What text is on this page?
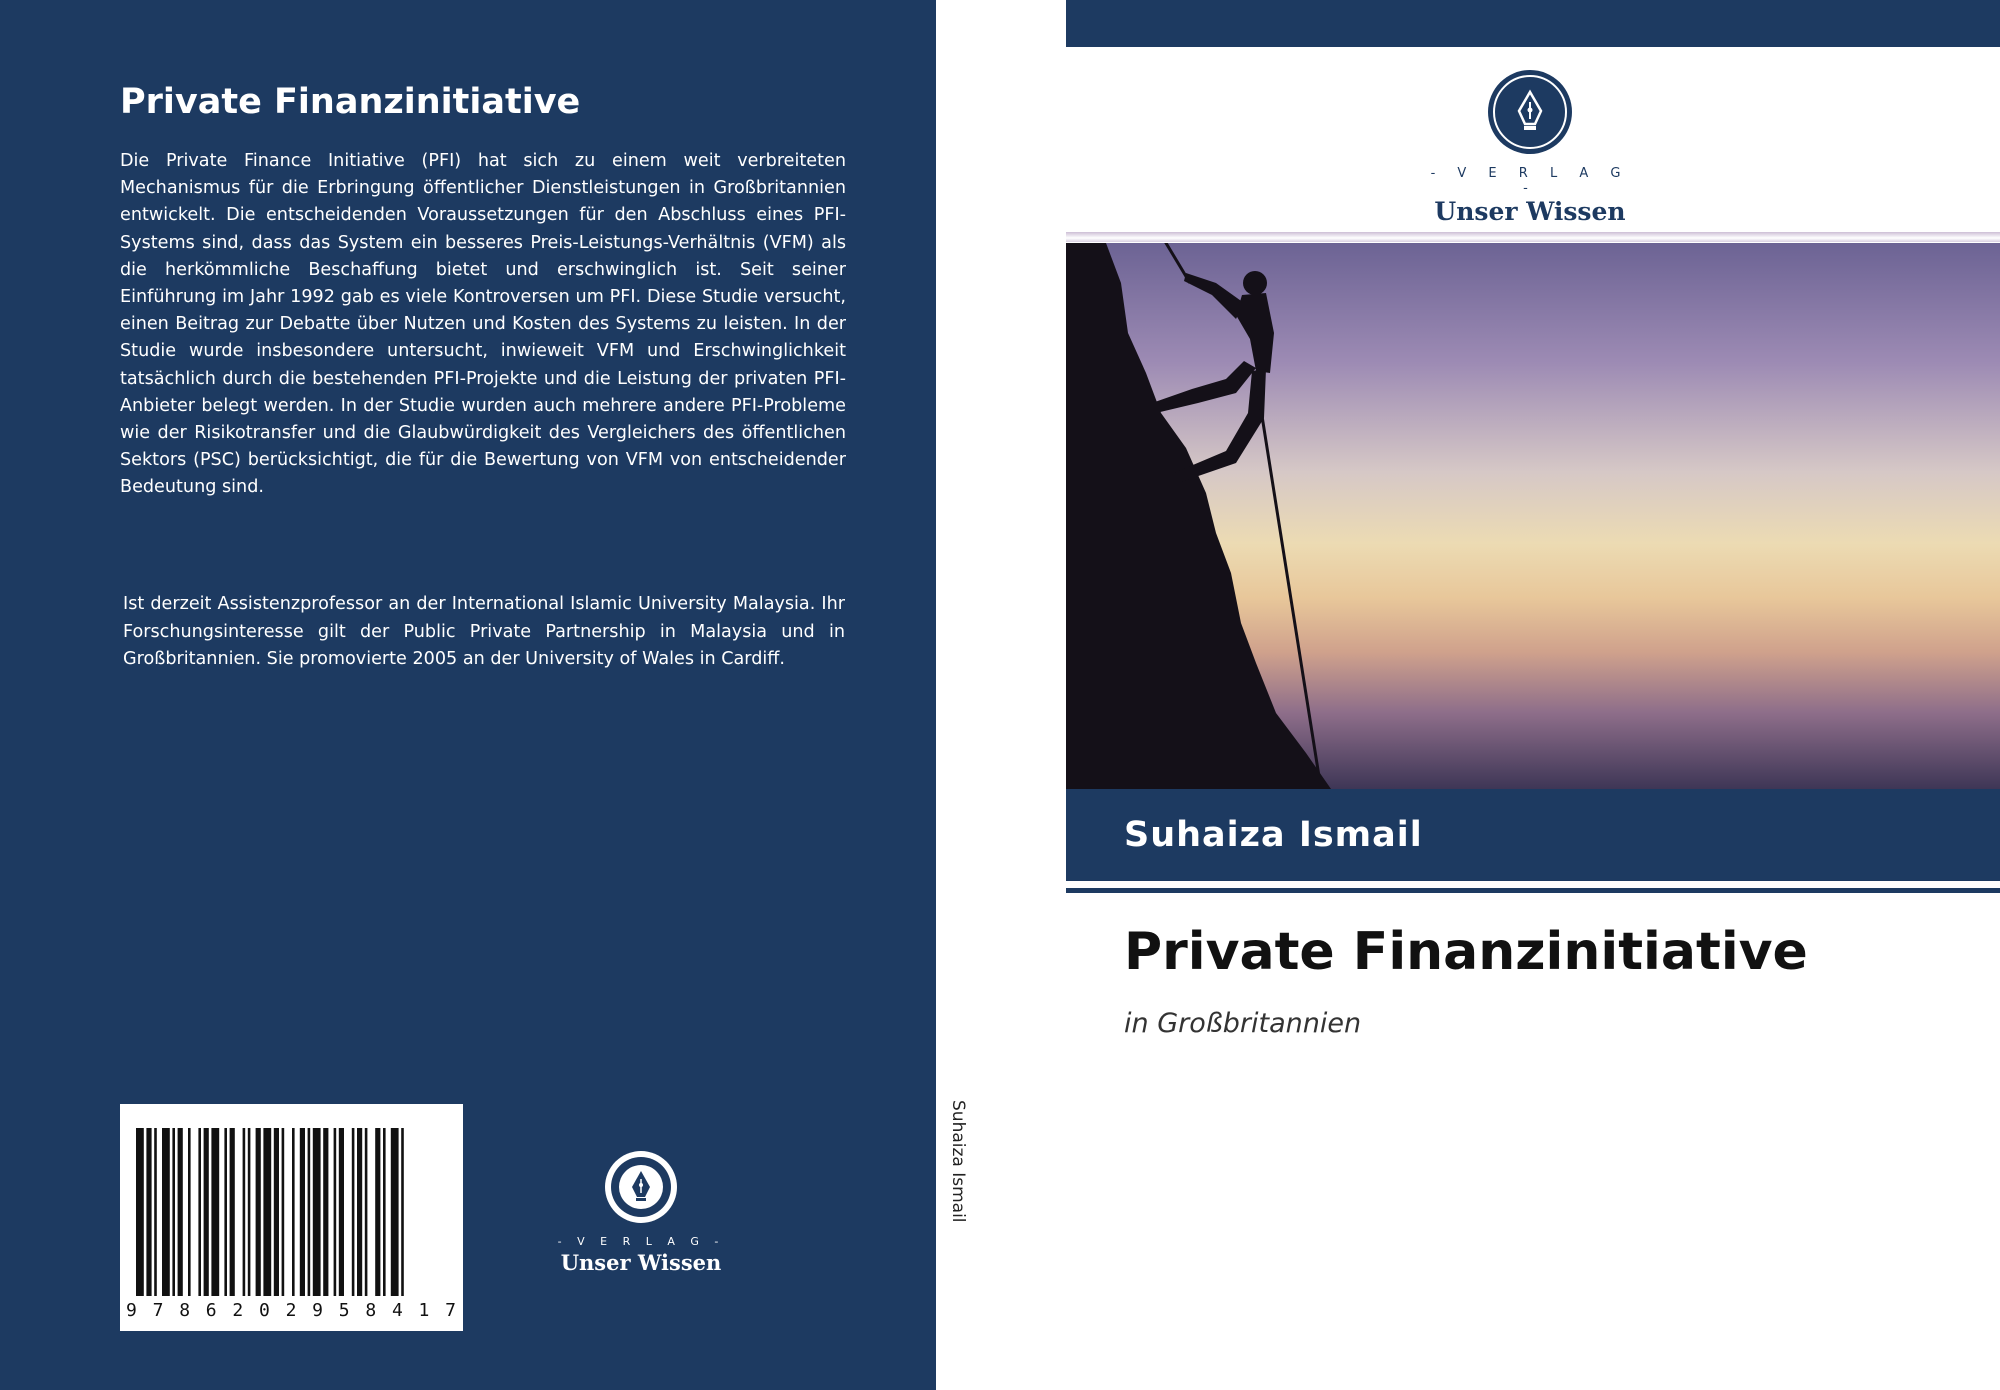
Private Finanzinitiative

Die Private Finance Initiative (PFI) hat sich zu einem weit verbreiteten Mechanismus für die Erbringung öffentlicher Dienstleistungen in Großbritannien entwickelt. Die entscheidenden Voraussetzungen für den Abschluss eines PFI-Systems sind, dass das System ein besseres Preis-Leistungs-Verhältnis (VFM) als die herkömmliche Beschaffung bietet und erschwinglich ist. Seit seiner Einführung im Jahr 1992 gab es viele Kontroversen um PFI. Diese Studie versucht, einen Beitrag zur Debatte über Nutzen und Kosten des Systems zu leisten. In der Studie wurde insbesondere untersucht, inwieweit VFM und Erschwinglichkeit tatsächlich durch die bestehenden PFI-Projekte und die Leistung der privaten PFI-Anbieter belegt werden. In der Studie wurden auch mehrere andere PFI-Probleme wie der Risikotransfer und die Glaubwürdigkeit des Vergleichers des öffentlichen Sektors (PSC) berücksichtigt, die für die Bewertung von VFM von entscheidender Bedeutung sind.

Ist derzeit Assistenzprofessor an der International Islamic University Malaysia. Ihr Forschungsinteresse gilt der Public Private Partnership in Malaysia und in Großbritannien. Sie promovierte 2005 an der University of Wales in Cardiff.

9 7 8 6 2 0 2 9 5 8 4 1 7
- V E R L A G -
Unser Wissen
Suhaiza Ismail
- V E R L A G -
Unser Wissen
Suhaiza Ismail
Private Finanzinitiative
in Großbritannien
